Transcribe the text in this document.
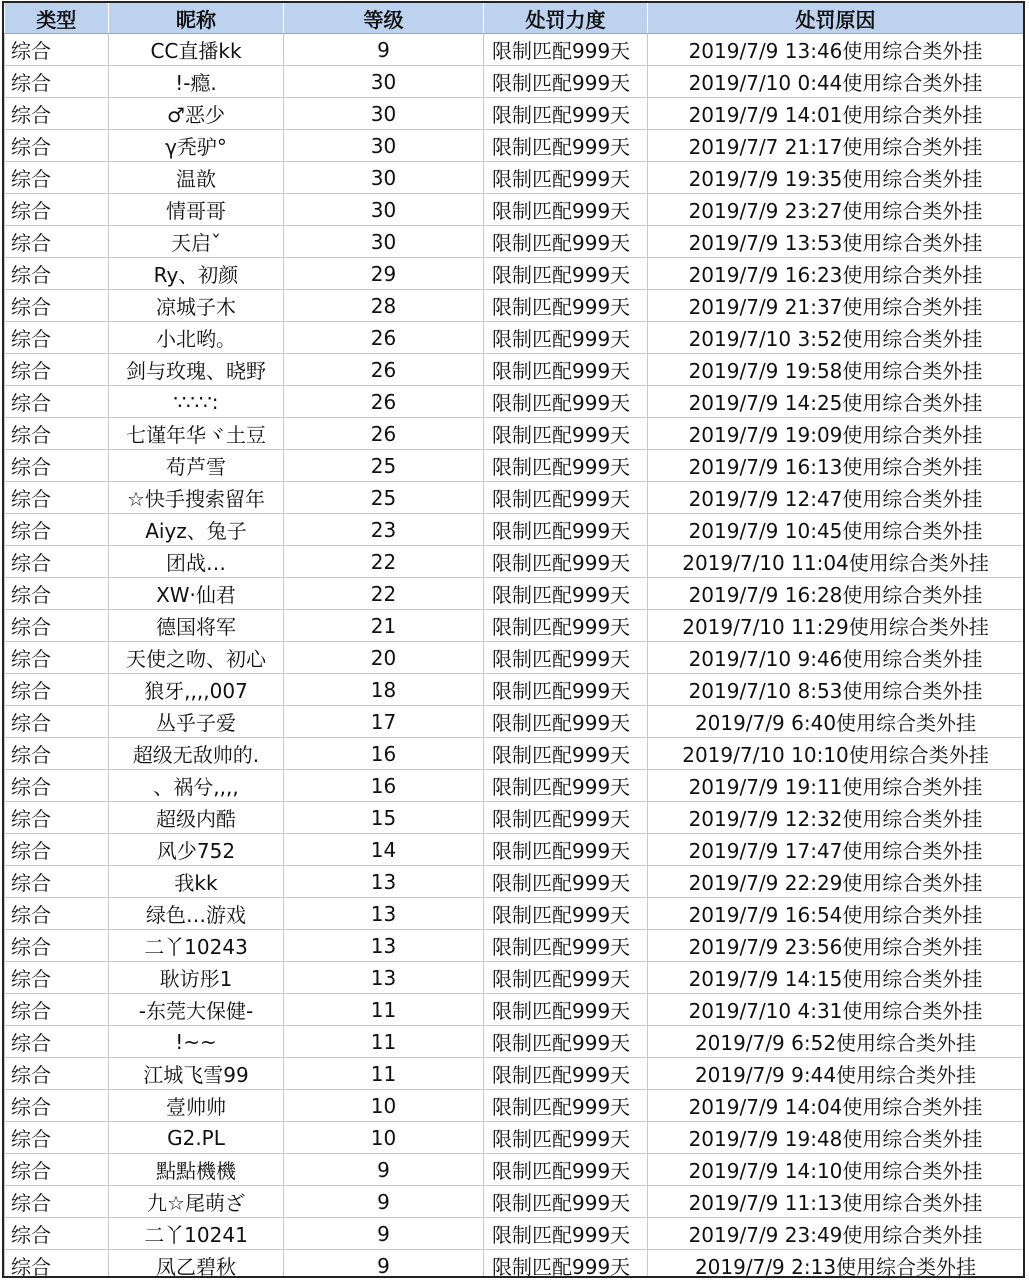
类型	昵称	等级	处罚力度	处罚原因
综合	CC直播kk	9	限制匹配999天	2019/7/9 13:46使用综合类外挂
综合	!-瘾.	30	限制匹配999天	2019/7/10 0:44使用综合类外挂
综合	♂恶少	30	限制匹配999天	2019/7/9 14:01使用综合类外挂
综合	γ秃驴°	30	限制匹配999天	2019/7/7 21:17使用综合类外挂
综合	温歆	30	限制匹配999天	2019/7/9 19:35使用综合类外挂
综合	情哥哥	30	限制匹配999天	2019/7/9 23:27使用综合类外挂
综合	天启ˇ	30	限制匹配999天	2019/7/9 13:53使用综合类外挂
综合	Ry、初颜	29	限制匹配999天	2019/7/9 16:23使用综合类外挂
综合	凉城子木	28	限制匹配999天	2019/7/9 21:37使用综合类外挂
综合	小北哟。	26	限制匹配999天	2019/7/10 3:52使用综合类外挂
综合	剑与玫瑰、晓野	26	限制匹配999天	2019/7/9 19:58使用综合类外挂
综合	∵∴∵:	26	限制匹配999天	2019/7/9 14:25使用综合类外挂
综合	七谨年华ヾ土豆	26	限制匹配999天	2019/7/9 19:09使用综合类外挂
综合	苟芦雪	25	限制匹配999天	2019/7/9 16:13使用综合类外挂
综合	☆快手搜索留年	25	限制匹配999天	2019/7/9 12:47使用综合类外挂
综合	Aiyz、兔子	23	限制匹配999天	2019/7/9 10:45使用综合类外挂
综合	团战…	22	限制匹配999天	2019/7/10 11:04使用综合类外挂
综合	XW·仙君	22	限制匹配999天	2019/7/9 16:28使用综合类外挂
综合	德国将军	21	限制匹配999天	2019/7/10 11:29使用综合类外挂
综合	天使之吻、初心	20	限制匹配999天	2019/7/10 9:46使用综合类外挂
综合	狼牙,,,,007	18	限制匹配999天	2019/7/10 8:53使用综合类外挂
综合	丛乎子爱	17	限制匹配999天	2019/7/9 6:40使用综合类外挂
综合	超级无敌帅的.	16	限制匹配999天	2019/7/10 10:10使用综合类外挂
综合	、祸兮,,,,	16	限制匹配999天	2019/7/9 19:11使用综合类外挂
综合	超级内酷	15	限制匹配999天	2019/7/9 12:32使用综合类外挂
综合	风少752	14	限制匹配999天	2019/7/9 17:47使用综合类外挂
综合	我kk	13	限制匹配999天	2019/7/9 22:29使用综合类外挂
综合	绿色…游戏	13	限制匹配999天	2019/7/9 16:54使用综合类外挂
综合	二丫10243	13	限制匹配999天	2019/7/9 23:56使用综合类外挂
综合	耿访彤1	13	限制匹配999天	2019/7/9 14:15使用综合类外挂
综合	-东莞大保健-	11	限制匹配999天	2019/7/10 4:31使用综合类外挂
综合	!~~	11	限制匹配999天	2019/7/9 6:52使用综合类外挂
综合	江城飞雪99	11	限制匹配999天	2019/7/9 9:44使用综合类外挂
综合	壹帅帅	10	限制匹配999天	2019/7/9 14:04使用综合类外挂
综合	G2.PL	10	限制匹配999天	2019/7/9 19:48使用综合类外挂
综合	點點機機	9	限制匹配999天	2019/7/9 14:10使用综合类外挂
综合	九☆尾萌ざ	9	限制匹配999天	2019/7/9 11:13使用综合类外挂
综合	二丫10241	9	限制匹配999天	2019/7/9 23:49使用综合类外挂
综合	凤乙碧秋	9	限制匹配999天	2019/7/9 2:13使用综合类外挂
